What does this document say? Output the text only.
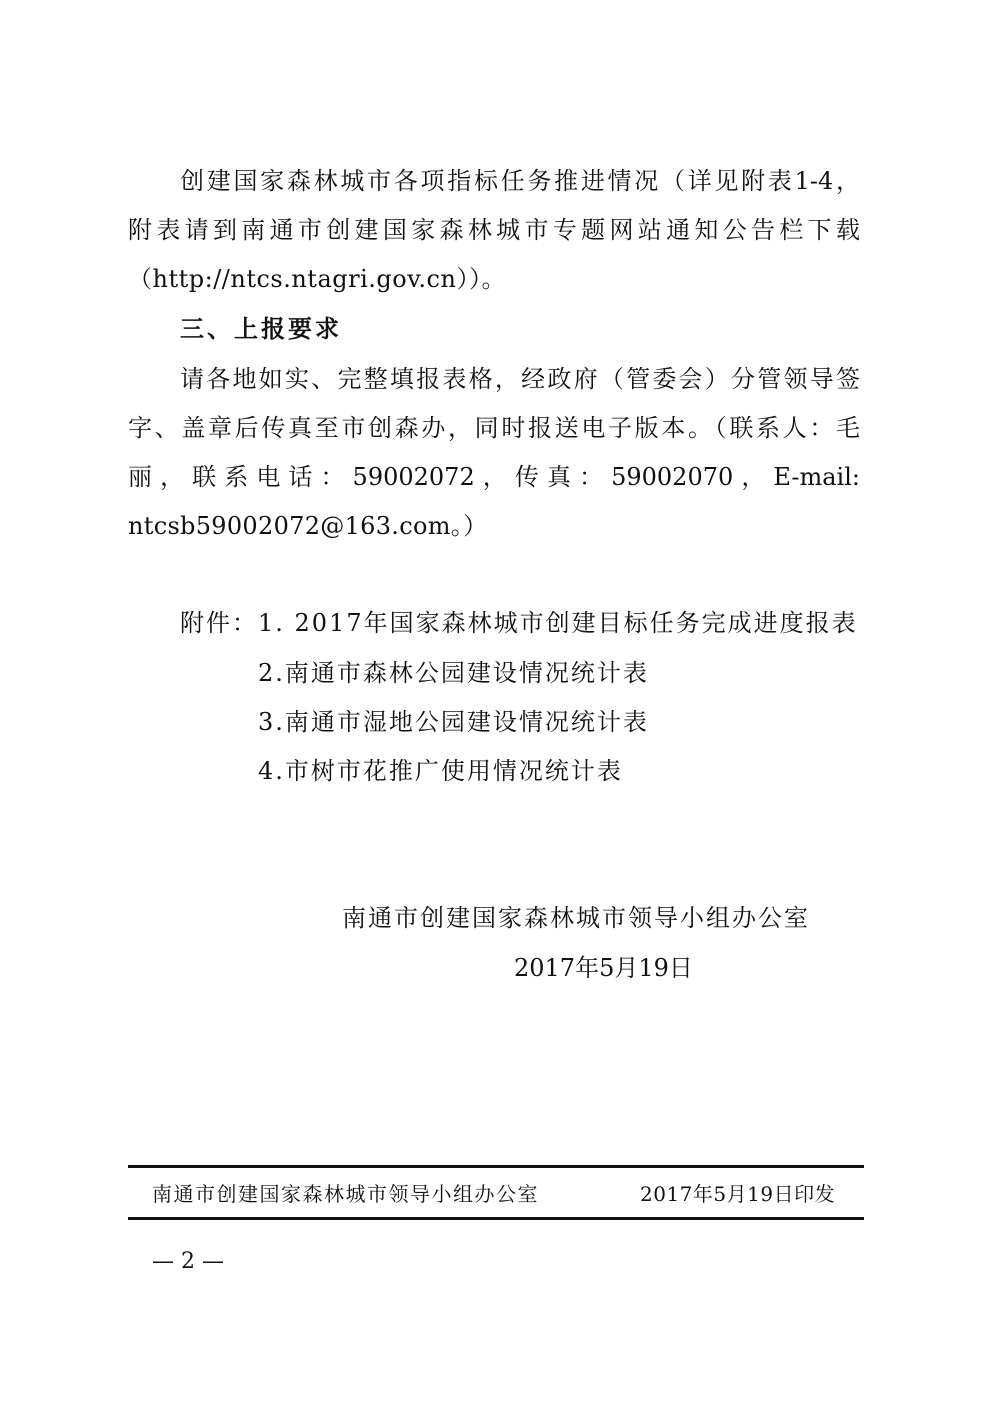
创建国家森林城市各项指标任务推进情况（详见附表1-4，
附表请到南通市创建国家森林城市专题网站通知公告栏下载
（http://ntcs.ntagri.gov.cn））。
三、上报要求
请各地如实、完整填报表格，经政府（管委会）分管领导签
字、盖章后传真至市创森办，同时报送电子版本。（联系人：毛
丽，联系电话：59002072，传真：59002070，E-mail:
ntcsb59002072@163.com。）
附件： 1. 2017年国家森林城市创建目标任务完成进度报表
2.南通市森林公园建设情况统计表
3.南通市湿地公园建设情况统计表
4.市树市花推广使用情况统计表
南通市创建国家森林城市领导小组办公室
2017年5月19日
南通市创建国家森林城市领导小组办公室	2017年5月19日印发
— 2 —
